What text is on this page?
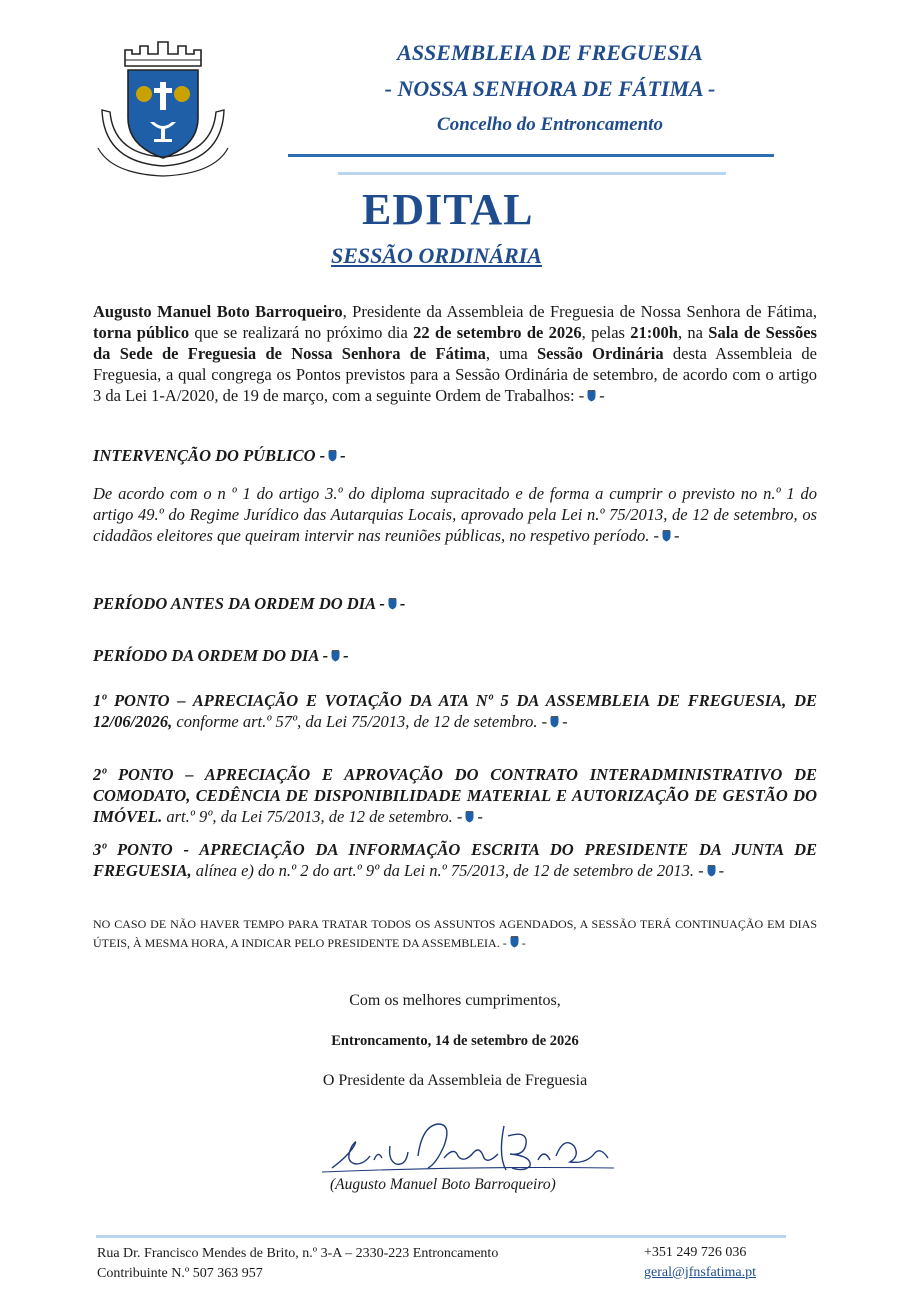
ASSEMBLEIA DE FREGUESIA
- NOSSA SENHORA DE FÁTIMA -
Concelho do Entroncamento
EDITAL
SESSÃO ORDINÁRIA
Augusto Manuel Boto Barroqueiro, Presidente da Assembleia de Freguesia de Nossa Senhora de Fátima, torna público que se realizará no próximo dia 22 de setembro de 2026, pelas 21:00h, na Sala de Sessões da Sede de Freguesia de Nossa Senhora de Fátima, uma Sessão Ordinária desta Assembleia de Freguesia, a qual congrega os Pontos previstos para a Sessão Ordinária de setembro, de acordo com o artigo 3 da Lei 1-A/2020, de 19 de março, com a seguinte Ordem de Trabalhos: - -
INTERVENÇÃO DO PÚBLICO - -
De acordo com o n º 1 do artigo 3.º do diploma supracitado e de forma a cumprir o previsto no n.º 1 do artigo 49.º do Regime Jurídico das Autarquias Locais, aprovado pela Lei n.º 75/2013, de 12 de setembro, os cidadãos eleitores que queiram intervir nas reuniões públicas, no respetivo período. - -
PERÍODO ANTES DA ORDEM DO DIA - -
PERÍODO DA ORDEM DO DIA - -
1º PONTO – APRECIAÇÃO E VOTAÇÃO DA ATA Nº 5 DA ASSEMBLEIA DE FREGUESIA, DE 12/06/2026, conforme art.º 57º, da Lei 75/2013, de 12 de setembro. - -
2º PONTO – APRECIAÇÃO E APROVAÇÃO DO CONTRATO INTERADMINISTRATIVO DE COMODATO, CEDÊNCIA DE DISPONIBILIDADE MATERIAL E AUTORIZAÇÃO DE GESTÃO DO IMÓVEL. art.º 9º, da Lei 75/2013, de 12 de setembro. - -
3º PONTO - APRECIAÇÃO DA INFORMAÇÃO ESCRITA DO PRESIDENTE DA JUNTA DE FREGUESIA, alínea e) do n.º 2 do art.º 9º da Lei n.º 75/2013, de 12 de setembro de 2013. - -
NO CASO DE NÃO HAVER TEMPO PARA TRATAR TODOS OS ASSUNTOS AGENDADOS, A SESSÃO TERÁ CONTINUAÇÃO EM DIAS ÚTEIS, À MESMA HORA, A INDICAR PELO PRESIDENTE DA ASSEMBLEIA. - -
Com os melhores cumprimentos,
Entroncamento, 14 de setembro de 2026
O Presidente da Assembleia de Freguesia
(Augusto Manuel Boto Barroqueiro)
Rua Dr. Francisco Mendes de Brito, n.º 3-A – 2330-223 Entroncamento
Contribuinte N.º 507 363 957
+351 249 726 036
geral@jfnsfatima.pt
